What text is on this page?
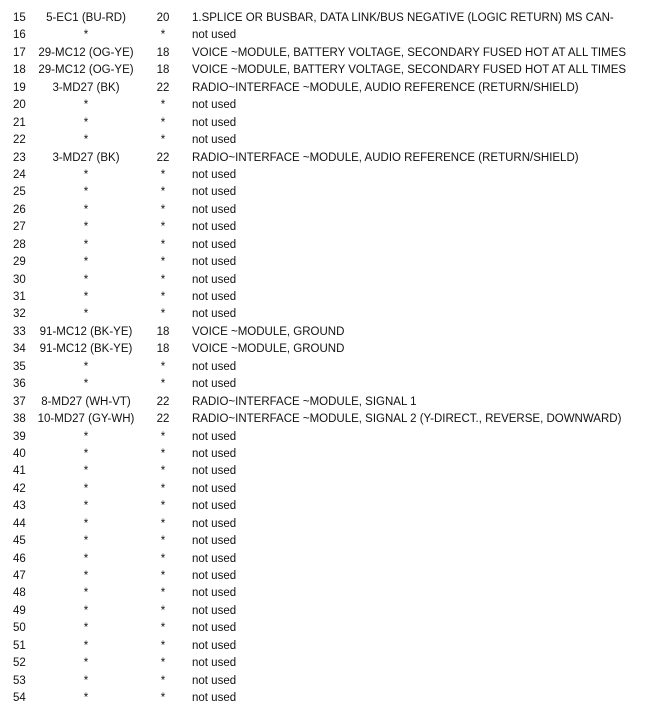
15	5-EC1 (BU-RD)	20	1.SPLICE OR BUSBAR, DATA LINK/BUS NEGATIVE (LOGIC RETURN) MS CAN-
16	*	*	not used
17	29-MC12 (OG-YE)	18	VOICE ~MODULE, BATTERY VOLTAGE, SECONDARY FUSED HOT AT ALL TIMES
18	29-MC12 (OG-YE)	18	VOICE ~MODULE, BATTERY VOLTAGE, SECONDARY FUSED HOT AT ALL TIMES
19	3-MD27 (BK)	22	RADIO~INTERFACE ~MODULE, AUDIO REFERENCE (RETURN/SHIELD)
20	*	*	not used
21	*	*	not used
22	*	*	not used
23	3-MD27 (BK)	22	RADIO~INTERFACE ~MODULE, AUDIO REFERENCE (RETURN/SHIELD)
24	*	*	not used
25	*	*	not used
26	*	*	not used
27	*	*	not used
28	*	*	not used
29	*	*	not used
30	*	*	not used
31	*	*	not used
32	*	*	not used
33	91-MC12 (BK-YE)	18	VOICE ~MODULE, GROUND
34	91-MC12 (BK-YE)	18	VOICE ~MODULE, GROUND
35	*	*	not used
36	*	*	not used
37	8-MD27 (WH-VT)	22	RADIO~INTERFACE ~MODULE, SIGNAL 1
38	10-MD27 (GY-WH)	22	RADIO~INTERFACE ~MODULE, SIGNAL 2 (Y-DIRECT., REVERSE, DOWNWARD)
39	*	*	not used
40	*	*	not used
41	*	*	not used
42	*	*	not used
43	*	*	not used
44	*	*	not used
45	*	*	not used
46	*	*	not used
47	*	*	not used
48	*	*	not used
49	*	*	not used
50	*	*	not used
51	*	*	not used
52	*	*	not used
53	*	*	not used
54	*	*	not used
